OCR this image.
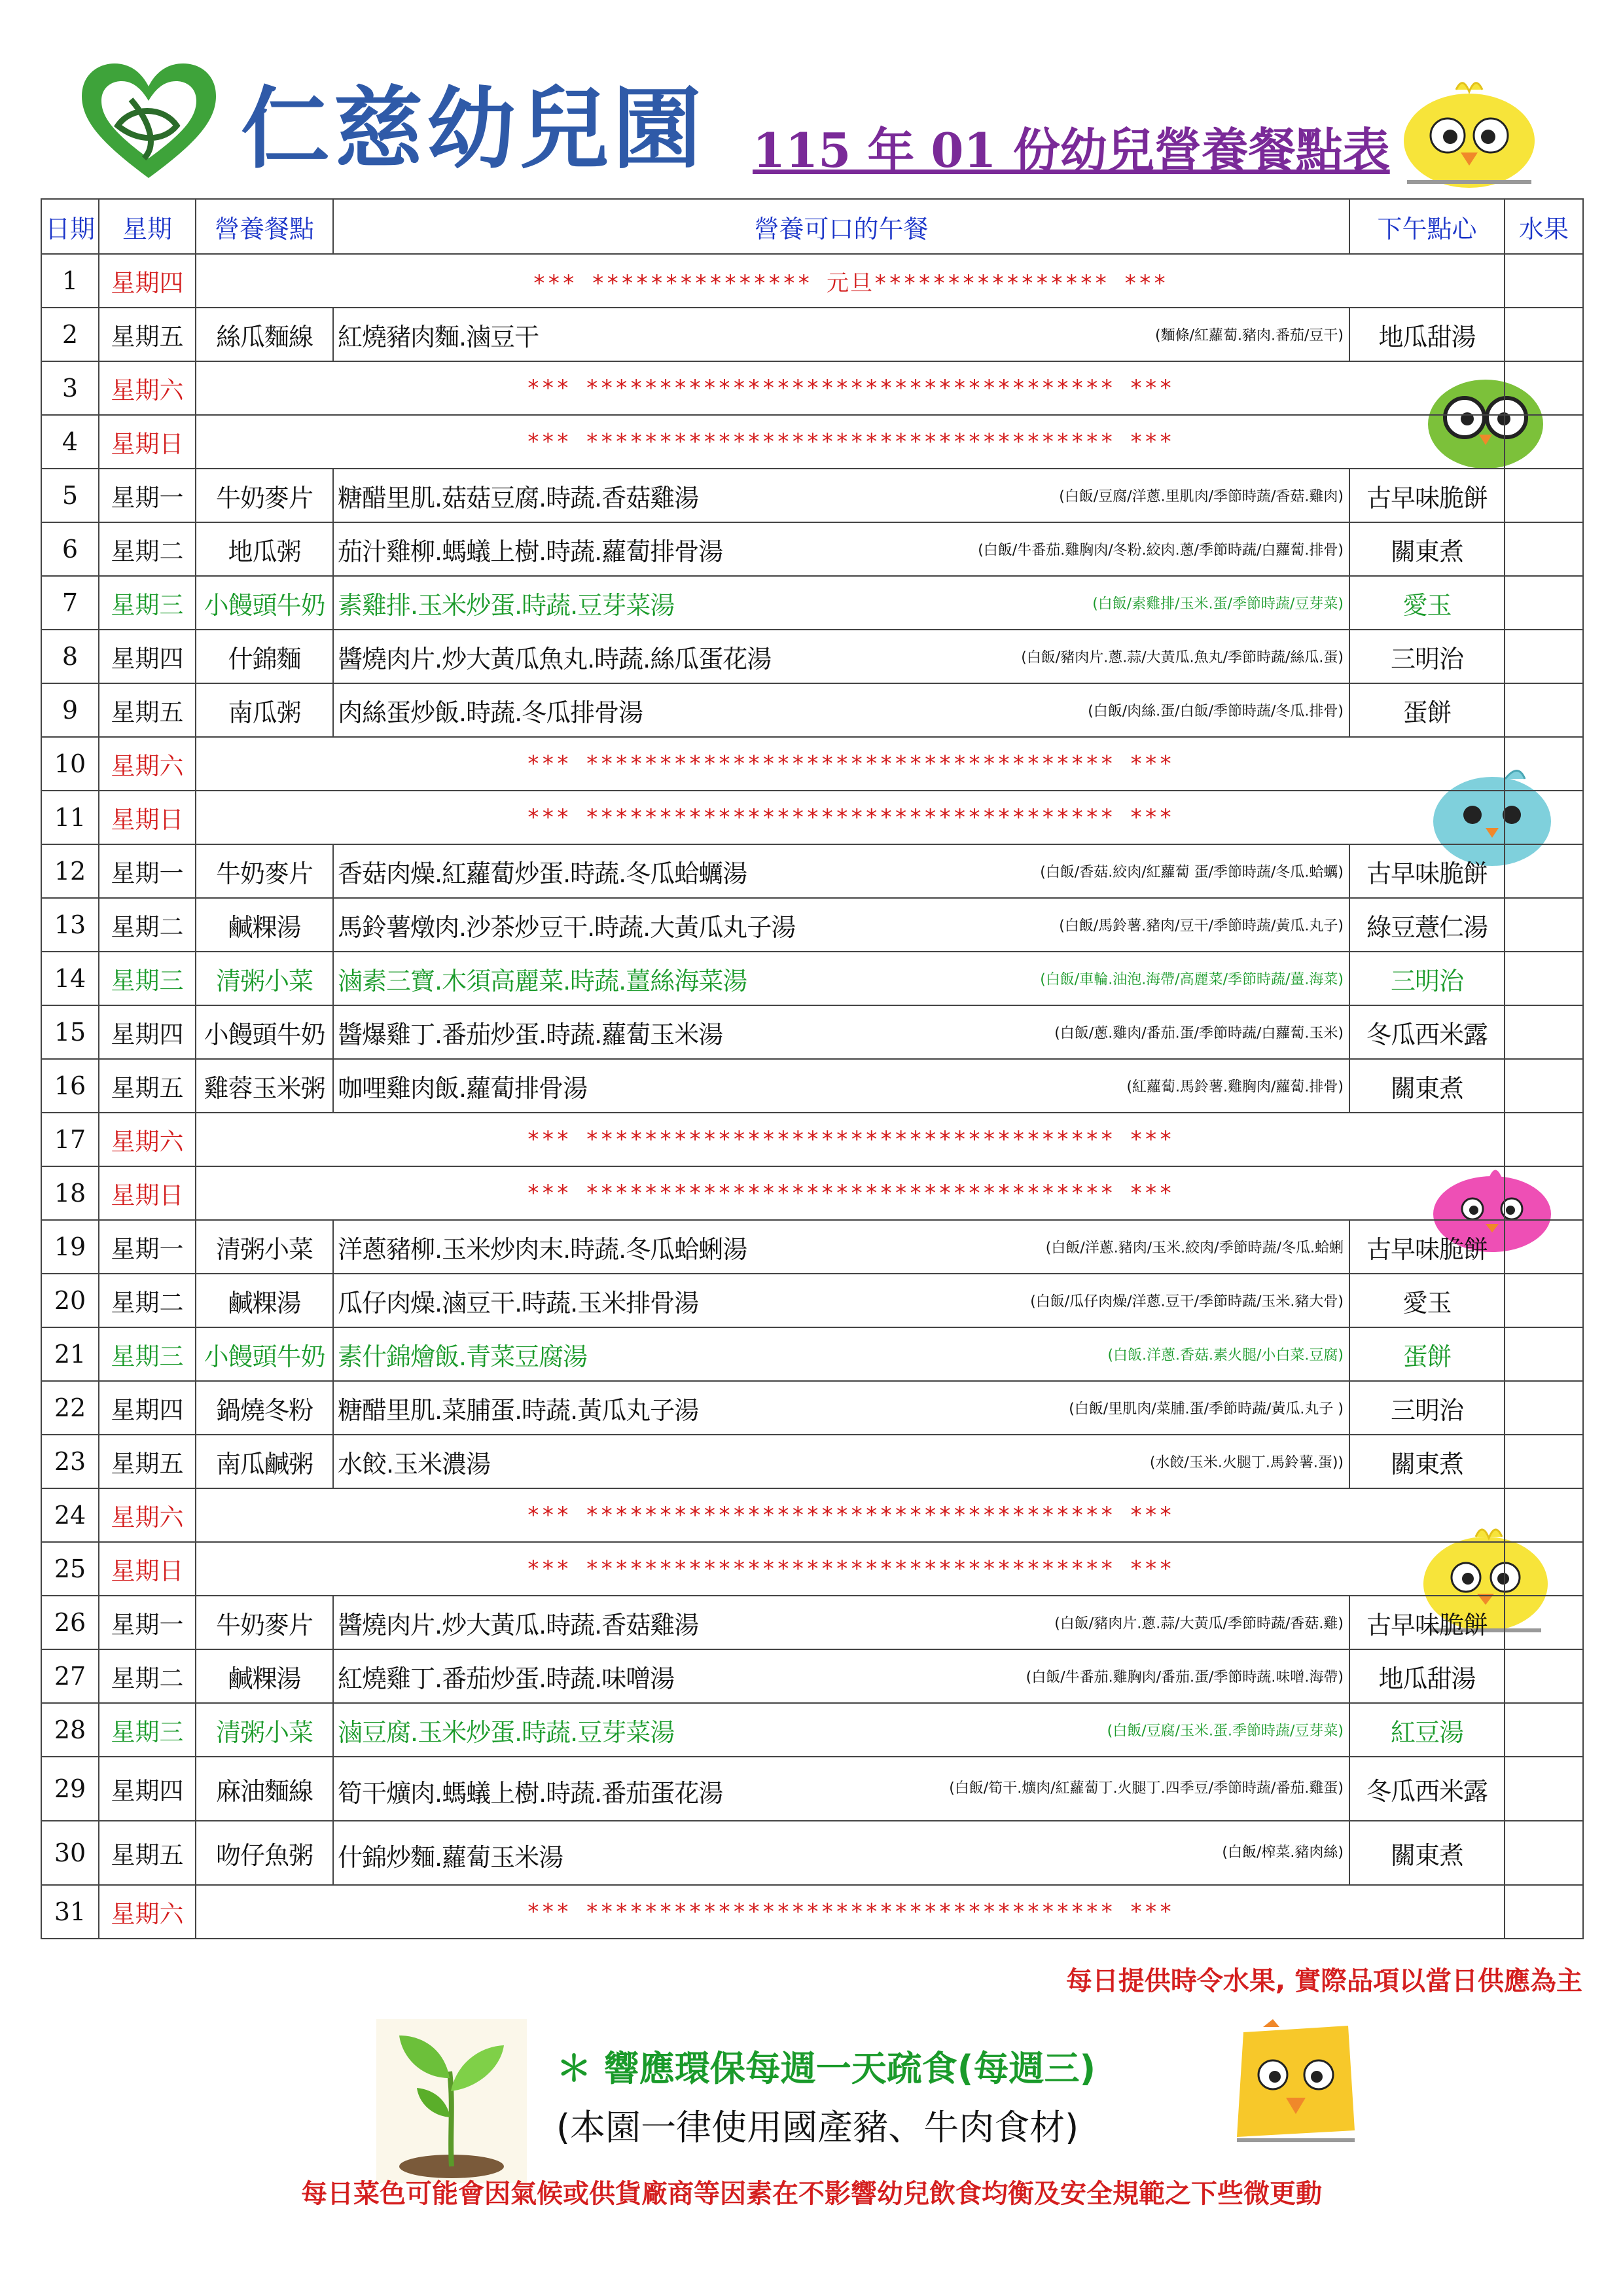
仁慈幼兒園 115 年 01 份幼兒營養餐點表
日期	星期	營養餐點	營養可口的午餐	下午點心	水果
1	星期四	*** *************** 元旦**************** ***			
2	星期五	絲瓜麵線	紅燒豬肉麵.滷豆干 (麵條/紅蘿蔔.豬肉.番茄/豆干)	地瓜甜湯	
3	星期六	*** ************************************ ***			
4	星期日	*** ************************************ ***			
5	星期一	牛奶麥片	糖醋里肌.菇菇豆腐.時蔬.香菇雞湯 (白飯/豆腐/洋蔥.里肌肉/季節時蔬/香菇.雞肉)	古早味脆餅	
6	星期二	地瓜粥	茄汁雞柳.螞蟻上樹.時蔬.蘿蔔排骨湯 (白飯/牛番茄.雞胸肉/冬粉.絞肉.蔥/季節時蔬/白蘿蔔.排骨)	關東煮	
7	星期三	小饅頭牛奶	素雞排.玉米炒蛋.時蔬.豆芽菜湯 (白飯/素雞排/玉米.蛋/季節時蔬/豆芽菜)	愛玉	
8	星期四	什錦麵	醬燒肉片.炒大黃瓜魚丸.時蔬.絲瓜蛋花湯 (白飯/豬肉片.蔥.蒜/大黃瓜.魚丸/季節時蔬/絲瓜.蛋)	三明治	
9	星期五	南瓜粥	肉絲蛋炒飯.時蔬.冬瓜排骨湯 (白飯/肉絲.蛋/白飯/季節時蔬/冬瓜.排骨)	蛋餅	
10	星期六	*** ************************************ ***			
11	星期日	*** ************************************ ***			
12	星期一	牛奶麥片	香菇肉燥.紅蘿蔔炒蛋.時蔬.冬瓜蛤蠣湯 (白飯/香菇.絞肉/紅蘿蔔 蛋/季節時蔬/冬瓜.蛤蠣)	古早味脆餅	
13	星期二	鹹粿湯	馬鈴薯燉肉.沙茶炒豆干.時蔬.大黃瓜丸子湯 (白飯/馬鈴薯.豬肉/豆干/季節時蔬/黃瓜.丸子)	綠豆薏仁湯	
14	星期三	清粥小菜	滷素三寶.木須高麗菜.時蔬.薑絲海菜湯 (白飯/車輪.油泡.海帶/高麗菜/季節時蔬/薑.海菜)	三明治	
15	星期四	小饅頭牛奶	醬爆雞丁.番茄炒蛋.時蔬.蘿蔔玉米湯 (白飯/蔥.雞肉/番茄.蛋/季節時蔬/白蘿蔔.玉米)	冬瓜西米露	
16	星期五	雞蓉玉米粥	咖哩雞肉飯.蘿蔔排骨湯 (紅蘿蔔.馬鈴薯.雞胸肉/蘿蔔.排骨)	關東煮	
17	星期六	*** ************************************ ***			
18	星期日	*** ************************************ ***			
19	星期一	清粥小菜	洋蔥豬柳.玉米炒肉末.時蔬.冬瓜蛤蜊湯 (白飯/洋蔥.豬肉/玉米.絞肉/季節時蔬/冬瓜.蛤蜊	古早味脆餅	
20	星期二	鹹粿湯	瓜仔肉燥.滷豆干.時蔬.玉米排骨湯 (白飯/瓜仔肉燥/洋蔥.豆干/季節時蔬/玉米.豬大骨)	愛玉	
21	星期三	小饅頭牛奶	素什錦燴飯.青菜豆腐湯 (白飯.洋蔥.香菇.素火腿/小白菜.豆腐)	蛋餅	
22	星期四	鍋燒冬粉	糖醋里肌.菜脯蛋.時蔬.黃瓜丸子湯 (白飯/里肌肉/菜脯.蛋/季節時蔬/黃瓜.丸子 )	三明治	
23	星期五	南瓜鹹粥	水餃.玉米濃湯 (水餃/玉米.火腿丁.馬鈴薯.蛋))	關東煮	
24	星期六	*** ************************************ ***			
25	星期日	*** ************************************ ***			
26	星期一	牛奶麥片	醬燒肉片.炒大黃瓜.時蔬.香菇雞湯 (白飯/豬肉片.蔥.蒜/大黃瓜/季節時蔬/香菇.雞)	古早味脆餅	
27	星期二	鹹粿湯	紅燒雞丁.番茄炒蛋.時蔬.味噌湯 (白飯/牛番茄.雞胸肉/番茄.蛋/季節時蔬.味噌.海帶)	地瓜甜湯	
28	星期三	清粥小菜	滷豆腐.玉米炒蛋.時蔬.豆芽菜湯 (白飯/豆腐/玉米.蛋.季節時蔬/豆芽菜)	紅豆湯	
29	星期四	麻油麵線	筍干爌肉.螞蟻上樹.時蔬.番茄蛋花湯 (白飯/筍干.爌肉/紅蘿蔔丁.火腿丁.四季豆/季節時蔬/番茄.雞蛋)	冬瓜西米露	
30	星期五	吻仔魚粥	什錦炒麵.蘿蔔玉米湯 (白飯/榨菜.豬肉絲)	關東煮	
31	星期六	*** ************************************ ***			
每日提供時令水果, 實際品項以當日供應為主
＊ 響應環保每週一天疏食(每週三)
(本園一律使用國產豬、牛肉食材)
每日菜色可能會因氣候或供貨廠商等因素在不影響幼兒飲食均衡及安全規範之下些微更動
